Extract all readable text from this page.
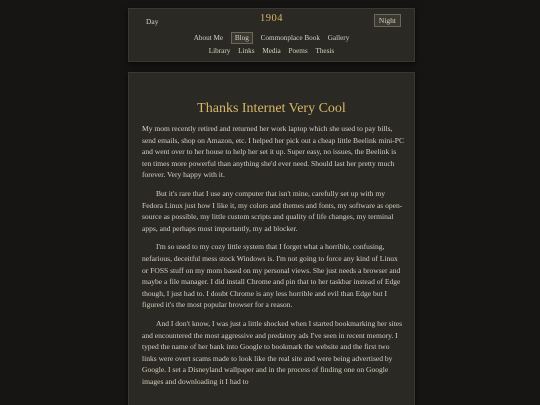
Day	1904	Night
About Me Blog Commonplace Book Gallery
Library Links Media Poems Thesis
Thanks Internet Very Cool

My mom recently retired and returned her work laptop which she used to pay bills, send emails, shop on Amazon, etc. I helped her pick out a cheap little Beelink mini-PC and went over to her house to help her set it up. Super easy, no issues, the Beelink is ten times more powerful than anything she'd ever need. Should last her pretty much forever. Very happy with it.

But it's rare that I use any computer that isn't mine, carefully set up with my Fedora Linux just how I like it, my colors and themes and fonts, my software as open-source as possible, my little custom scripts and quality of life changes, my terminal apps, and perhaps most importantly, my ad blocker.

I'm so used to my cozy little system that I forget what a horrible, confusing, nefarious, deceitful mess stock Windows is. I'm not going to force any kind of Linux or FOSS stuff on my mom based on my personal views. She just needs a browser and maybe a file manager. I did install Chrome and pin that to her taskbar instead of Edge though, I just had to. I doubt Chrome is any less horrible and evil than Edge but I figured it's the most popular browser for a reason.

And I don't know, I was just a little shocked when I started bookmarking her sites and encountered the most aggressive and predatory ads I've seen in recent memory. I typed the name of her bank into Google to bookmark the website and the first two links were overt scams made to look like the real site and were being advertised by Google. I set a Disneyland wallpaper and in the process of finding one on Google images and downloading it I had to
